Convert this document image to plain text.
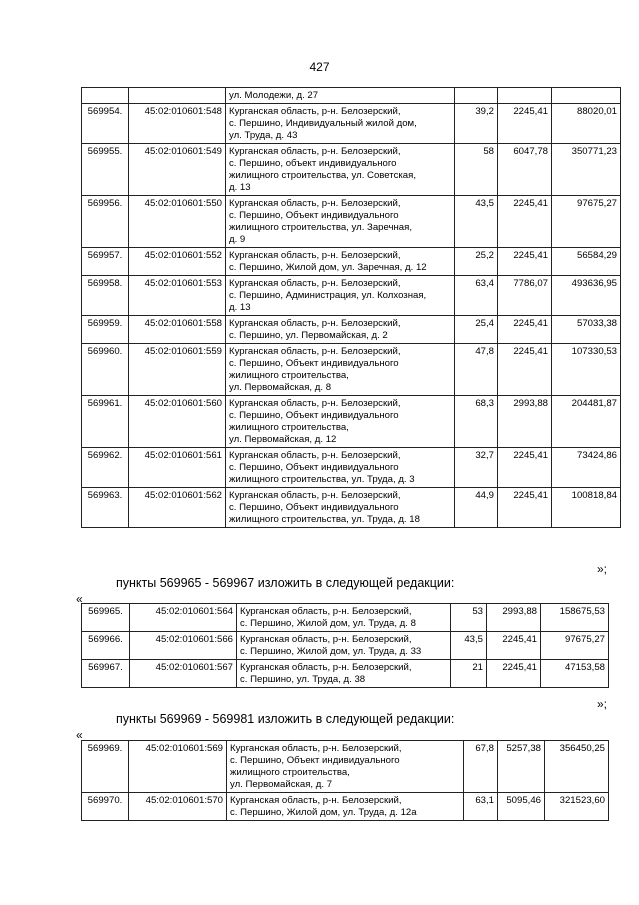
427
		ул. Молодежи, д. 27			
569954.	45:02:010601:548	Курганская область, р-н. Белозерский,
с. Першино, Индивидуальный жилой дом,
ул. Труда, д. 43	39,2	2245,41	88020,01
569955.	45:02:010601:549	Курганская область, р-н. Белозерский,
с. Першино, объект индивидуального
жилищного строительства, ул. Советская,
д. 13	58	6047,78	350771,23
569956.	45:02:010601:550	Курганская область, р-н. Белозерский,
с. Першино, Объект индивидуального
жилищного строительства, ул. Заречная,
д. 9	43,5	2245,41	97675,27
569957.	45:02:010601:552	Курганская область, р-н. Белозерский,
с. Першино, Жилой дом, ул. Заречная, д. 12	25,2	2245,41	56584,29
569958.	45:02:010601:553	Курганская область, р-н. Белозерский,
с. Першино, Администрация, ул. Колхозная,
д. 13	63,4	7786,07	493636,95
569959.	45:02:010601:558	Курганская область, р-н. Белозерский,
с. Першино, ул. Первомайская, д. 2	25,4	2245,41	57033,38
569960.	45:02:010601:559	Курганская область, р-н. Белозерский,
с. Першино, Объект индивидуального
жилищного строительства,
ул. Первомайская, д. 8	47,8	2245,41	107330,53
569961.	45:02:010601:560	Курганская область, р-н. Белозерский,
с. Першино, Объект индивидуального
жилищного строительства,
ул. Первомайская, д. 12	68,3	2993,88	204481,87
569962.	45:02:010601:561	Курганская область, р-н. Белозерский,
с. Першино, Объект индивидуального
жилищного строительства, ул. Труда, д. 3	32,7	2245,41	73424,86
569963.	45:02:010601:562	Курганская область, р-н. Белозерский,
с. Першино, Объект индивидуального
жилищного строительства, ул. Труда, д. 18	44,9	2245,41	100818,84
»;
пункты 569965 - 569967 изложить в следующей редакции:
«
569965.	45:02:010601:564	Курганская область, р-н. Белозерский,
с. Першино, Жилой дом, ул. Труда, д. 8	53	2993,88	158675,53
569966.	45:02:010601:566	Курганская область, р-н. Белозерский,
с. Першино, Жилой дом, ул. Труда, д. 33	43,5	2245,41	97675,27
569967.	45:02:010601:567	Курганская область, р-н. Белозерский,
с. Першино, ул. Труда, д. 38	21	2245,41	47153,58
»;
пункты 569969 - 569981 изложить в следующей редакции:
«
569969.	45:02:010601:569	Курганская область, р-н. Белозерский,
с. Першино, Объект индивидуального
жилищного строительства,
ул. Первомайская, д. 7	67,8	5257,38	356450,25
569970.	45:02:010601:570	Курганская область, р-н. Белозерский,
с. Першино, Жилой дом, ул. Труда, д. 12а	63,1	5095,46	321523,60
